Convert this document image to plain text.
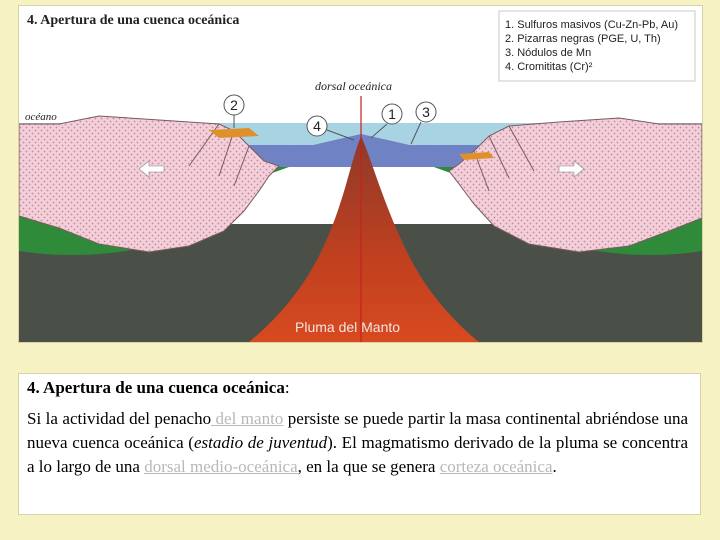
4. Apertura de una cuenca oceánica	1. Sulfuros masivos (Cu-Zn-Pb, Au)
2. Pizarras negras (PGE, U, Th)
3. Nódulos de Mn
4. Cromititas (Cr)²
océano
dorsal oceánica
Pluma del Manto
2
4
1 3

4. Apertura de una cuenca oceánica:

Si la actividad del penacho del manto persiste se puede partir la masa continental abriéndose una nueva cuenca oceánica (estadio de juventud). El magmatismo derivado de la pluma se concentra a lo largo de una dorsal medio-oceánica, en la que se genera corteza oceánica.
